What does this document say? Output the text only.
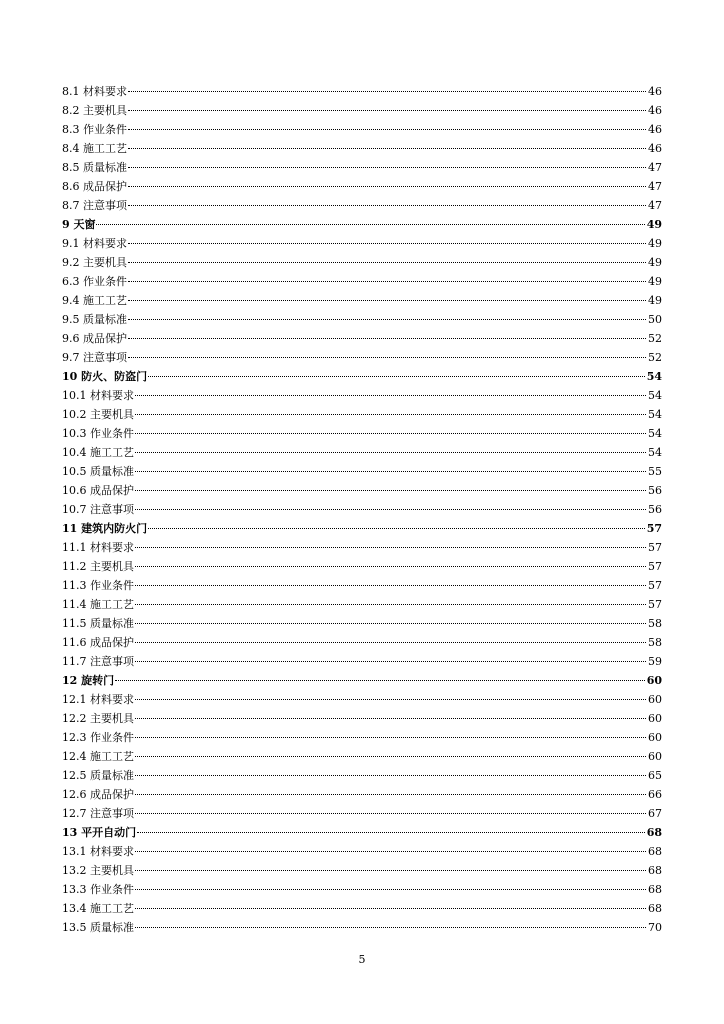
8.1 材料要求	46
8.2 主要机具	46
8.3 作业条件	46
8.4 施工工艺	46
8.5 质量标准	47
8.6 成品保护	47
8.7 注意事项	47
9 天窗	49
9.1 材料要求	49
9.2 主要机具	49
6.3 作业条件	49
9.4 施工工艺	49
9.5 质量标准	50
9.6 成品保护	52
9.7 注意事项	52
10 防火、防盗门	54
10.1 材料要求	54
10.2 主要机具	54
10.3 作业条件	54
10.4 施工工艺	54
10.5 质量标准	55
10.6 成品保护	56
10.7 注意事项	56
11 建筑内防火门	57
11.1 材料要求	57
11.2 主要机具	57
11.3 作业条件	57
11.4 施工工艺	57
11.5 质量标准	58
11.6 成品保护	58
11.7 注意事项	59
12 旋转门	60
12.1 材料要求	60
12.2 主要机具	60
12.3 作业条件	60
12.4 施工工艺	60
12.5 质量标准	65
12.6 成品保护	66
12.7 注意事项	67
13 平开自动门	68
13.1 材料要求	68
13.2 主要机具	68
13.3 作业条件	68
13.4 施工工艺	68
13.5 质量标准	70
5
